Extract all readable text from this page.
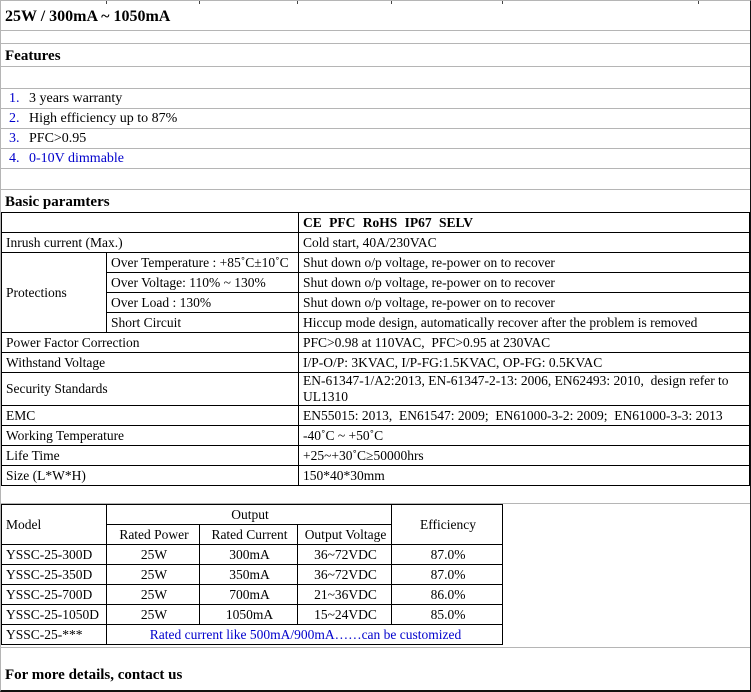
25W / 300mA ~ 1050mA
Features
1. 3 years warranty
2. High efficiency up to 87%
3. PFC>0.95
4. 0-10V dimmable
Basic paramters
		CE PFC RoHS IP67 SELV
Inrush current (Max.)		Cold start, 40A/230VAC
Protections	Over Temperature : +85˚C±10˚C	Shut down o/p voltage, re-power on to recover
	Over Voltage: 110% ~ 130%	Shut down o/p voltage, re-power on to recover
	Over Load : 130%	Shut down o/p voltage, re-power on to recover
	Short Circuit	Hiccup mode design, automatically recover after the problem is removed
Power Factor Correction		PFC>0.98 at 110VAC,  PFC>0.95 at 230VAC
Withstand Voltage		I/P-O/P: 3KVAC, I/P-FG:1.5KVAC, OP-FG: 0.5KVAC
Security Standards		EN-61347-1/A2:2013, EN-61347-2-13: 2006, EN62493: 2010,  design refer to UL1310
EMC		EN55015: 2013,  EN61547: 2009;  EN61000-3-2: 2009;  EN61000-3-3: 2013
Working Temperature		-40˚C ~ +50˚C
Life Time		+25~+30˚C≥50000hrs
Size (L*W*H)		150*40*30mm
Model	Output			Efficiency
	Rated Power	Rated Current	Output Voltage	
YSSC-25-300D	25W	300mA	36~72VDC	87.0%
YSSC-25-350D	25W	350mA	36~72VDC	87.0%
YSSC-25-700D	25W	700mA	21~36VDC	86.0%
YSSC-25-1050D	25W	1050mA	15~24VDC	85.0%
YSSC-25-***	Rated current like 500mA/900mA……can be customized			
For more details, contact us
